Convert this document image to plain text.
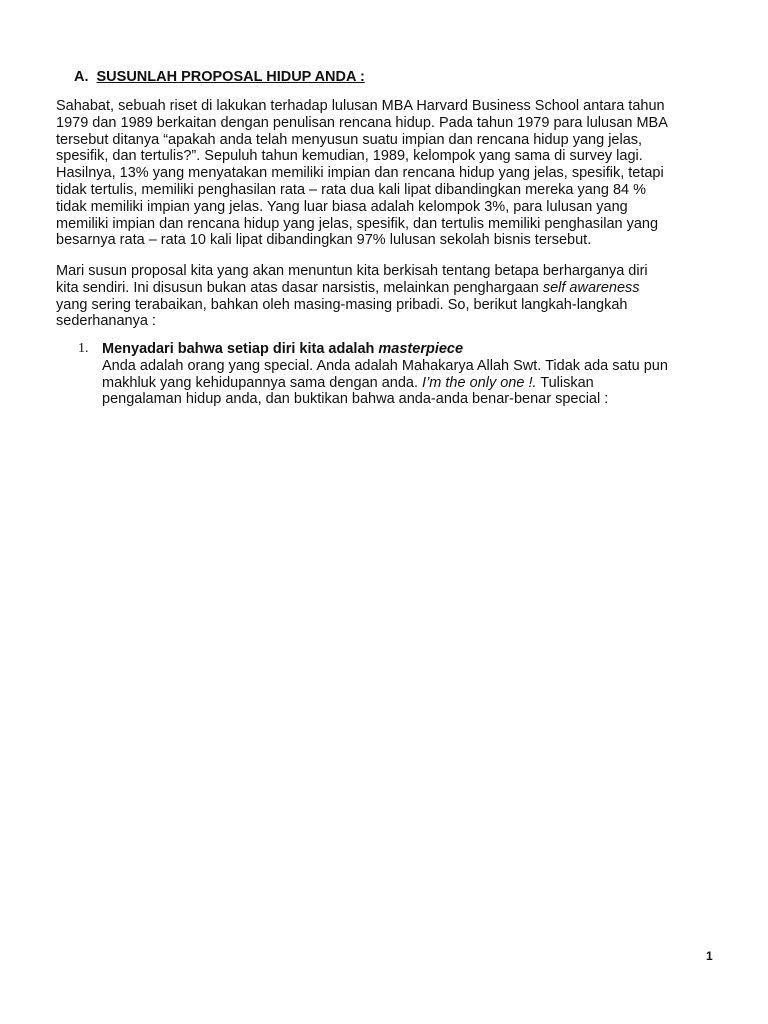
A. SUSUNLAH PROPOSAL HIDUP ANDA :
Sahabat, sebuah riset di lakukan terhadap lulusan MBA Harvard Business School antara tahun
1979 dan 1989 berkaitan dengan penulisan rencana hidup. Pada tahun 1979 para lulusan MBA
tersebut ditanya “apakah anda telah menyusun suatu impian dan rencana hidup yang jelas,
spesifik, dan tertulis?”. Sepuluh tahun kemudian, 1989, kelompok yang sama di survey lagi.
Hasilnya, 13% yang menyatakan memiliki impian dan rencana hidup yang jelas, spesifik, tetapi
tidak tertulis, memiliki penghasilan rata – rata dua kali lipat dibandingkan mereka yang 84 %
tidak memiliki impian yang jelas. Yang luar biasa adalah kelompok 3%, para lulusan yang
memiliki impian dan rencana hidup yang jelas, spesifik, dan tertulis memiliki penghasilan yang
besarnya rata – rata 10 kali lipat dibandingkan 97% lulusan sekolah bisnis tersebut.
Mari susun proposal kita yang akan menuntun kita berkisah tentang betapa berharganya diri
kita sendiri. Ini disusun bukan atas dasar narsistis, melainkan penghargaan self awareness
yang sering terabaikan, bahkan oleh masing-masing pribadi. So, berikut langkah-langkah
sederhananya :
1. Menyadari bahwa setiap diri kita adalah masterpiece
Anda adalah orang yang special. Anda adalah Mahakarya Allah Swt. Tidak ada satu pun
makhluk yang kehidupannya sama dengan anda. I’m the only one !. Tuliskan
pengalaman hidup anda, dan buktikan bahwa anda-anda benar-benar special :
1
